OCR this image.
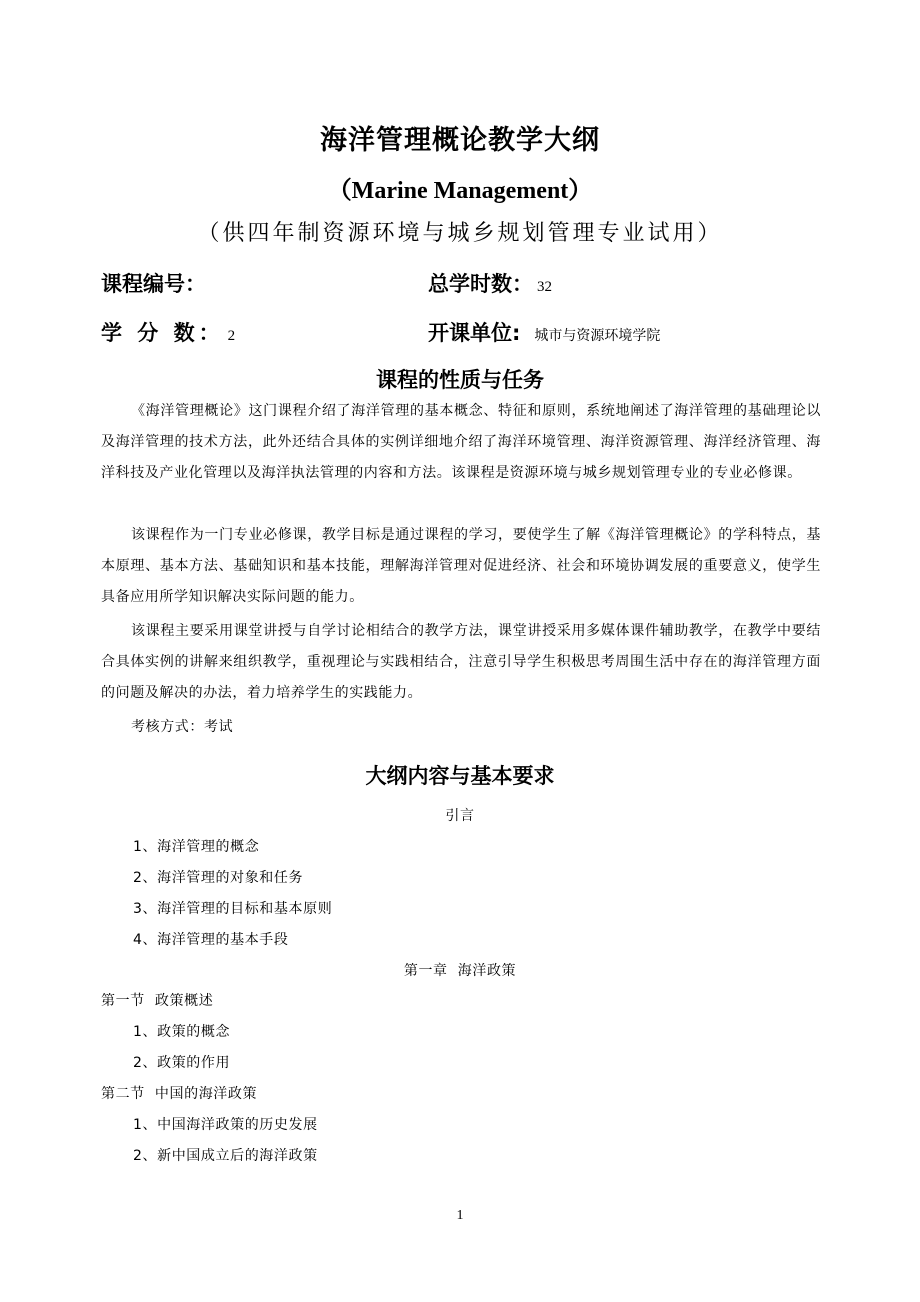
海洋管理概论教学大纲
（Marine Management）
（供四年制资源环境与城乡规划管理专业试用）
课程编号：	总学时数： 32
学 分 数： 2	开课单位: 城市与资源环境学院
课程的性质与任务
《海洋管理概论》这门课程介绍了海洋管理的基本概念、特征和原则，系统地阐述了海洋管理的基础理论以及海洋管理的技术方法，此外还结合具体的实例详细地介绍了海洋环境管理、海洋资源管理、海洋经济管理、海洋科技及产业化管理以及海洋执法管理的内容和方法。该课程是资源环境与城乡规划管理专业的专业必修课。
该课程作为一门专业必修课，教学目标是通过课程的学习，要使学生了解《海洋管理概论》的学科特点，基本原理、基本方法、基础知识和基本技能，理解海洋管理对促进经济、社会和环境协调发展的重要意义，使学生具备应用所学知识解决实际问题的能力。
该课程主要采用课堂讲授与自学讨论相结合的教学方法，课堂讲授采用多媒体课件辅助教学，在教学中要结合具体实例的讲解来组织教学，重视理论与实践相结合，注意引导学生积极思考周围生活中存在的海洋管理方面的问题及解决的办法，着力培养学生的实践能力。
考核方式：考试
大纲内容与基本要求
引言
1、海洋管理的概念
2、海洋管理的对象和任务
3、海洋管理的目标和基本原则
4、海洋管理的基本手段
第一章  海洋政策
第一节  政策概述
1、政策的概念
2、政策的作用
第二节  中国的海洋政策
1、中国海洋政策的历史发展
2、新中国成立后的海洋政策
1
